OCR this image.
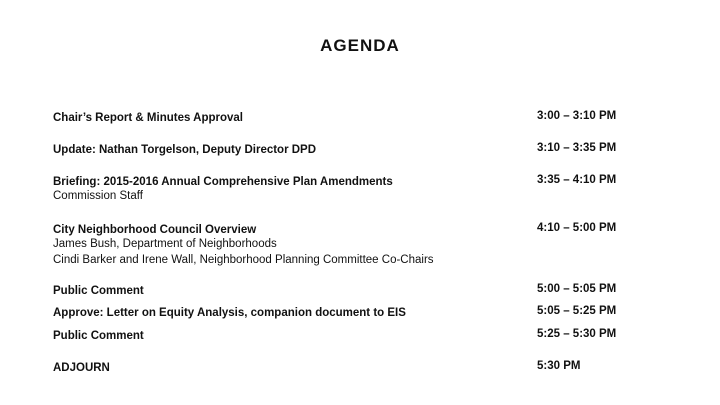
AGENDA
Chair’s Report & Minutes Approval	3:00 – 3:10 PM
Update: Nathan Torgelson, Deputy Director DPD	3:10 – 3:35 PM
Briefing: 2015-2016 Annual Comprehensive Plan Amendments	3:35 – 4:10 PM
Commission Staff
City Neighborhood Council Overview	4:10 – 5:00 PM
James Bush, Department of Neighborhoods
Cindi Barker and Irene Wall, Neighborhood Planning Committee Co-Chairs
Public Comment	5:00 – 5:05 PM
Approve: Letter on Equity Analysis, companion document to EIS	5:05 – 5:25 PM
Public Comment	5:25 – 5:30 PM
ADJOURN	5:30 PM
